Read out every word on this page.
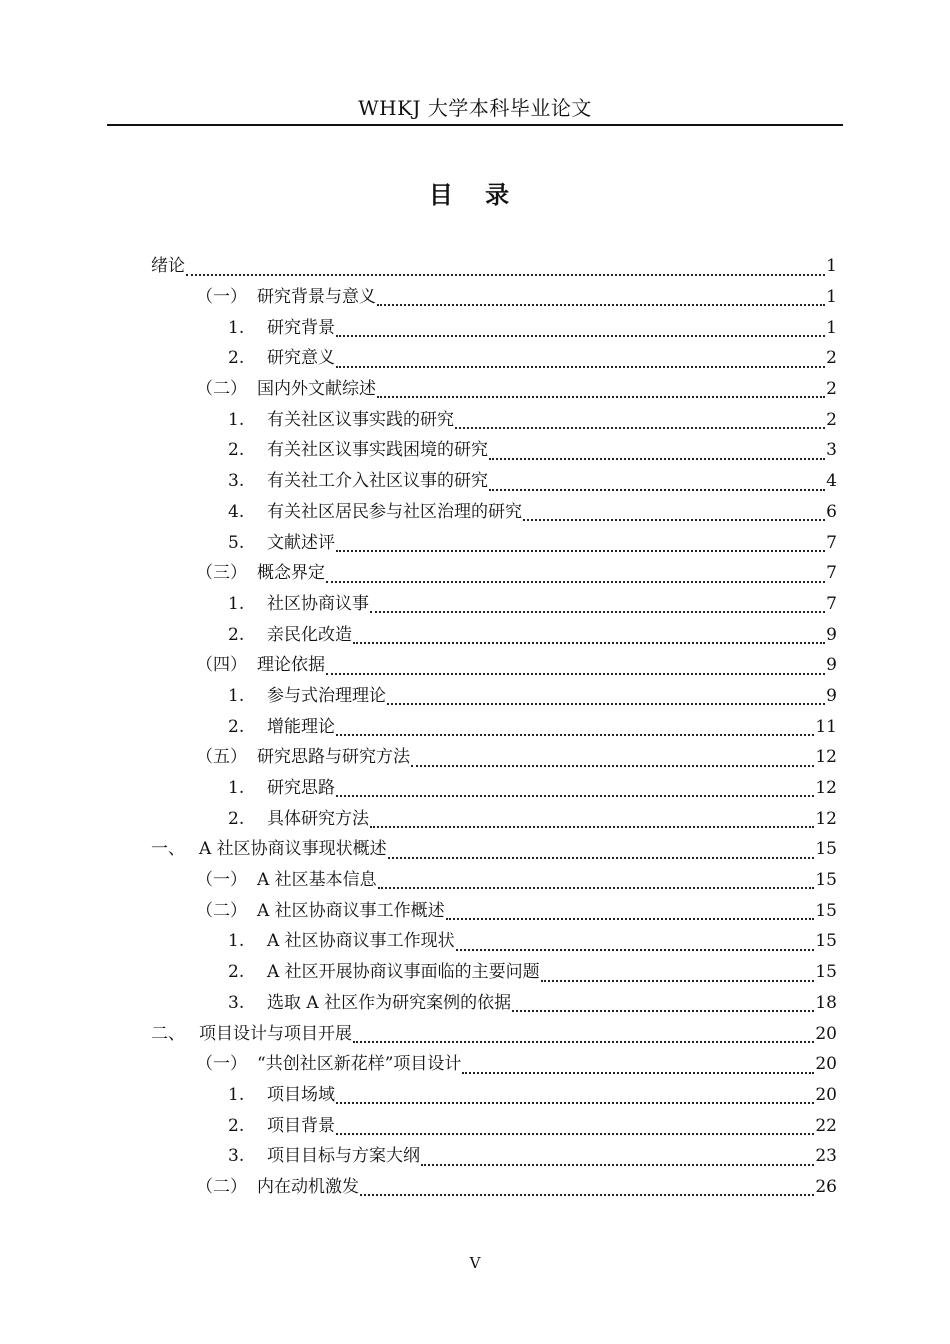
WHKJ 大学本科毕业论文
目 录
绪论	1
（一） 研究背景与意义	1
1.	研究背景	1
2.	研究意义	2
（二） 国内外文献综述	2
1.	有关社区议事实践的研究	2
2.	有关社区议事实践困境的研究	3
3.	有关社工介入社区议事的研究	4
4.	有关社区居民参与社区治理的研究	6
5.	文献述评	7
（三） 概念界定	7
1.	社区协商议事	7
2.	亲民化改造	9
（四） 理论依据	9
1.	参与式治理理论	9
2.	增能理论	11
（五） 研究思路与研究方法	12
1.	研究思路	12
2.	具体研究方法	12
一、 A 社区协商议事现状概述	15
（一） A 社区基本信息	15
（二） A 社区协商议事工作概述	15
1.	A 社区协商议事工作现状	15
2.	A 社区开展协商议事面临的主要问题	15
3.	选取 A 社区作为研究案例的依据	18
二、 项目设计与项目开展	20
（一） “共创社区新花样”项目设计	20
1.	项目场域	20
2.	项目背景	22
3.	项目目标与方案大纲	23
（二） 内在动机激发	26
V
